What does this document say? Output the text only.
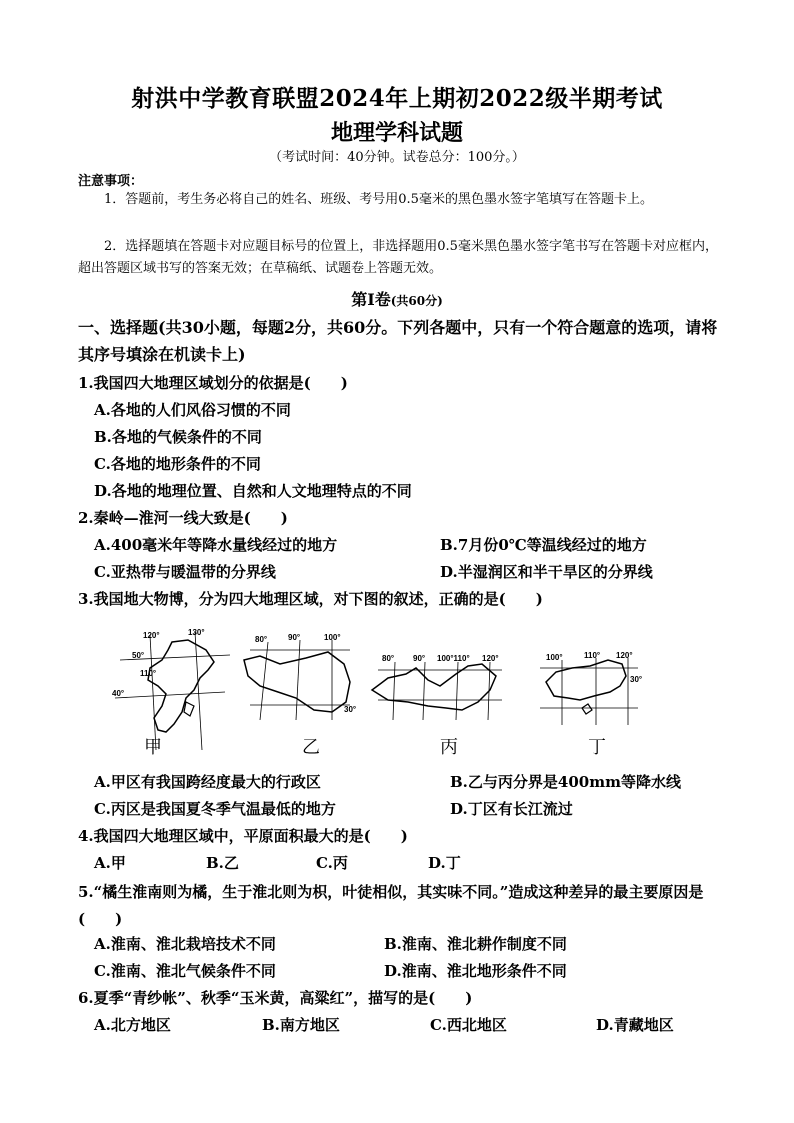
射洪中学教育联盟2024年上期初2022级半期考试
地理学科试题
（考试时间：40分钟。试卷总分：100分。）
注意事项：
1．答题前，考生务必将自己的姓名、班级、考号用0.5毫米的黑色墨水签字笔填写在答题卡上。
2．选择题填在答题卡对应题目标号的位置上，非选择题用0.5毫米黑色墨水签字笔书写在答题卡对应框内，超出答题区域书写的答案无效；在草稿纸、试题卷上答题无效。
第Ⅰ卷(共60分)
一、选择题(共30小题，每题2分，共60分。下列各题中，只有一个符合题意的选项，请将其序号填涂在机读卡上)
1.我国四大地理区域划分的依据是(　　)
A.各地的人们风俗习惯的不同
B.各地的气候条件的不同
C.各地的地形条件的不同
D.各地的地理位置、自然和人文地理特点的不同
2.秦岭—淮河一线大致是(　　)
A.400毫米年等降水量线经过的地方	B.7月份0℃等温线经过的地方
C.亚热带与暖温带的分界线	D.半湿润区和半干旱区的分界线
3.我国地大物博，分为四大地理区域，对下图的叙述，正确的是(　　)
120°	130°
50°
110°
40°
80°	90°	100°
30°
80° 90° 100°110° 120°	100°	110° 120°
30°
甲	乙	丙	丁
A.甲区有我国跨经度最大的行政区	B.乙与丙分界是400mm等降水线
C.丙区是我国夏冬季气温最低的地方	D.丁区有长江流过
4.我国四大地理区域中，平原面积最大的是(　　)
A.甲	B.乙	C.丙	D.丁
5.“橘生淮南则为橘，生于淮北则为枳，叶徒相似，其实味不同。”造成这种差异的最主要原因是(　　)
A.淮南、淮北栽培技术不同	B.淮南、淮北耕作制度不同
C.淮南、淮北气候条件不同	D.淮南、淮北地形条件不同
6.夏季“青纱帐”、秋季“玉米黄，高粱红”，描写的是(　　)
A.北方地区	B.南方地区	C.西北地区	D.青藏地区
